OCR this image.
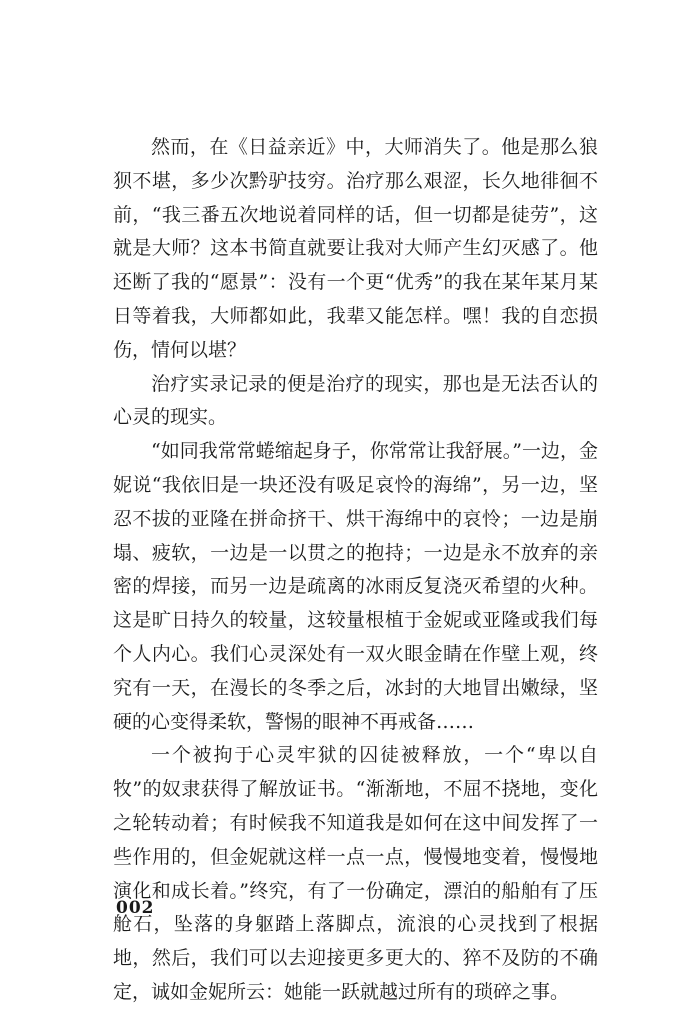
然而，在《日益亲近》中，大师消失了。他是那么狼狈不堪，多少次黔驴技穷。治疗那么艰涩，长久地徘徊不前，“我三番五次地说着同样的话，但一切都是徒劳”，这就是大师？这本书简直就要让我对大师产生幻灭感了。他还断了我的“愿景”：没有一个更“优秀”的我在某年某月某日等着我，大师都如此，我辈又能怎样。嘿！我的自恋损伤，情何以堪？

治疗实录记录的便是治疗的现实，那也是无法否认的心灵的现实。

“如同我常常蜷缩起身子，你常常让我舒展。”一边，金妮说“我依旧是一块还没有吸足哀怜的海绵”，另一边，坚忍不拔的亚隆在拼命挤干、烘干海绵中的哀怜；一边是崩塌、疲软，一边是一以贯之的抱持；一边是永不放弃的亲密的焊接，而另一边是疏离的冰雨反复浇灭希望的火种。这是旷日持久的较量，这较量根植于金妮或亚隆或我们每个人内心。我们心灵深处有一双火眼金睛在作壁上观，终究有一天，在漫长的冬季之后，冰封的大地冒出嫩绿，坚硬的心变得柔软，警惕的眼神不再戒备……

一个被拘于心灵牢狱的囚徒被释放，一个“卑以自牧”的奴隶获得了解放证书。“渐渐地，不屈不挠地，变化之轮转动着；有时候我不知道我是如何在这中间发挥了一些作用的，但金妮就这样一点一点，慢慢地变着，慢慢地演化和成长着。”终究，有了一份确定，漂泊的船舶有了压舱石，坠落的身躯踏上落脚点，流浪的心灵找到了根据地，然后，我们可以去迎接更多更大的、猝不及防的不确定，诚如金妮所云：她能一跃就越过所有的琐碎之事。

002
